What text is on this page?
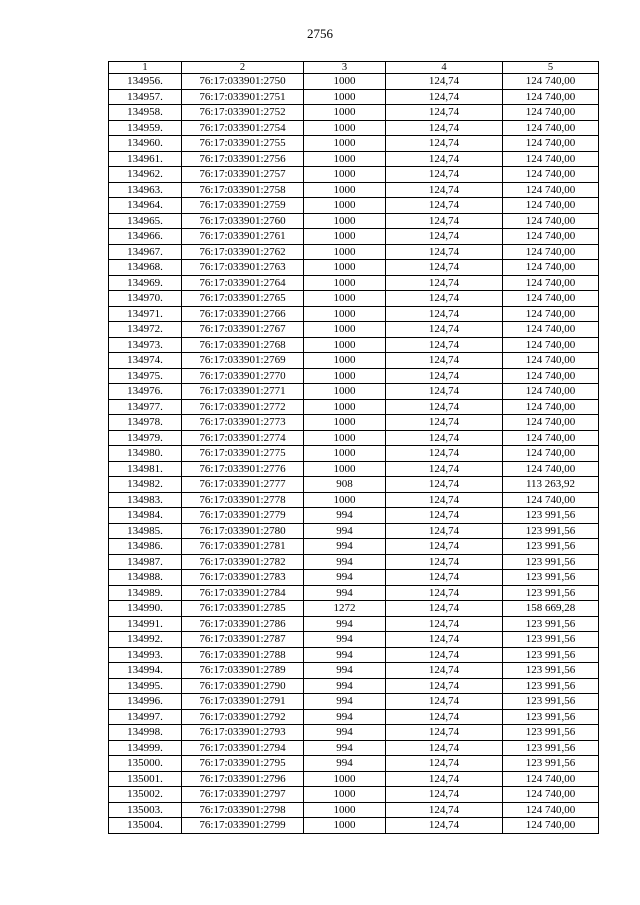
2756
1	2	3	4	5
134956.	76:17:033901:2750	1000	124,74	124 740,00
134957.	76:17:033901:2751	1000	124,74	124 740,00
134958.	76:17:033901:2752	1000	124,74	124 740,00
134959.	76:17:033901:2754	1000	124,74	124 740,00
134960.	76:17:033901:2755	1000	124,74	124 740,00
134961.	76:17:033901:2756	1000	124,74	124 740,00
134962.	76:17:033901:2757	1000	124,74	124 740,00
134963.	76:17:033901:2758	1000	124,74	124 740,00
134964.	76:17:033901:2759	1000	124,74	124 740,00
134965.	76:17:033901:2760	1000	124,74	124 740,00
134966.	76:17:033901:2761	1000	124,74	124 740,00
134967.	76:17:033901:2762	1000	124,74	124 740,00
134968.	76:17:033901:2763	1000	124,74	124 740,00
134969.	76:17:033901:2764	1000	124,74	124 740,00
134970.	76:17:033901:2765	1000	124,74	124 740,00
134971.	76:17:033901:2766	1000	124,74	124 740,00
134972.	76:17:033901:2767	1000	124,74	124 740,00
134973.	76:17:033901:2768	1000	124,74	124 740,00
134974.	76:17:033901:2769	1000	124,74	124 740,00
134975.	76:17:033901:2770	1000	124,74	124 740,00
134976.	76:17:033901:2771	1000	124,74	124 740,00
134977.	76:17:033901:2772	1000	124,74	124 740,00
134978.	76:17:033901:2773	1000	124,74	124 740,00
134979.	76:17:033901:2774	1000	124,74	124 740,00
134980.	76:17:033901:2775	1000	124,74	124 740,00
134981.	76:17:033901:2776	1000	124,74	124 740,00
134982.	76:17:033901:2777	908	124,74	113 263,92
134983.	76:17:033901:2778	1000	124,74	124 740,00
134984.	76:17:033901:2779	994	124,74	123 991,56
134985.	76:17:033901:2780	994	124,74	123 991,56
134986.	76:17:033901:2781	994	124,74	123 991,56
134987.	76:17:033901:2782	994	124,74	123 991,56
134988.	76:17:033901:2783	994	124,74	123 991,56
134989.	76:17:033901:2784	994	124,74	123 991,56
134990.	76:17:033901:2785	1272	124,74	158 669,28
134991.	76:17:033901:2786	994	124,74	123 991,56
134992.	76:17:033901:2787	994	124,74	123 991,56
134993.	76:17:033901:2788	994	124,74	123 991,56
134994.	76:17:033901:2789	994	124,74	123 991,56
134995.	76:17:033901:2790	994	124,74	123 991,56
134996.	76:17:033901:2791	994	124,74	123 991,56
134997.	76:17:033901:2792	994	124,74	123 991,56
134998.	76:17:033901:2793	994	124,74	123 991,56
134999.	76:17:033901:2794	994	124,74	123 991,56
135000.	76:17:033901:2795	994	124,74	123 991,56
135001.	76:17:033901:2796	1000	124,74	124 740,00
135002.	76:17:033901:2797	1000	124,74	124 740,00
135003.	76:17:033901:2798	1000	124,74	124 740,00
135004.	76:17:033901:2799	1000	124,74	124 740,00
